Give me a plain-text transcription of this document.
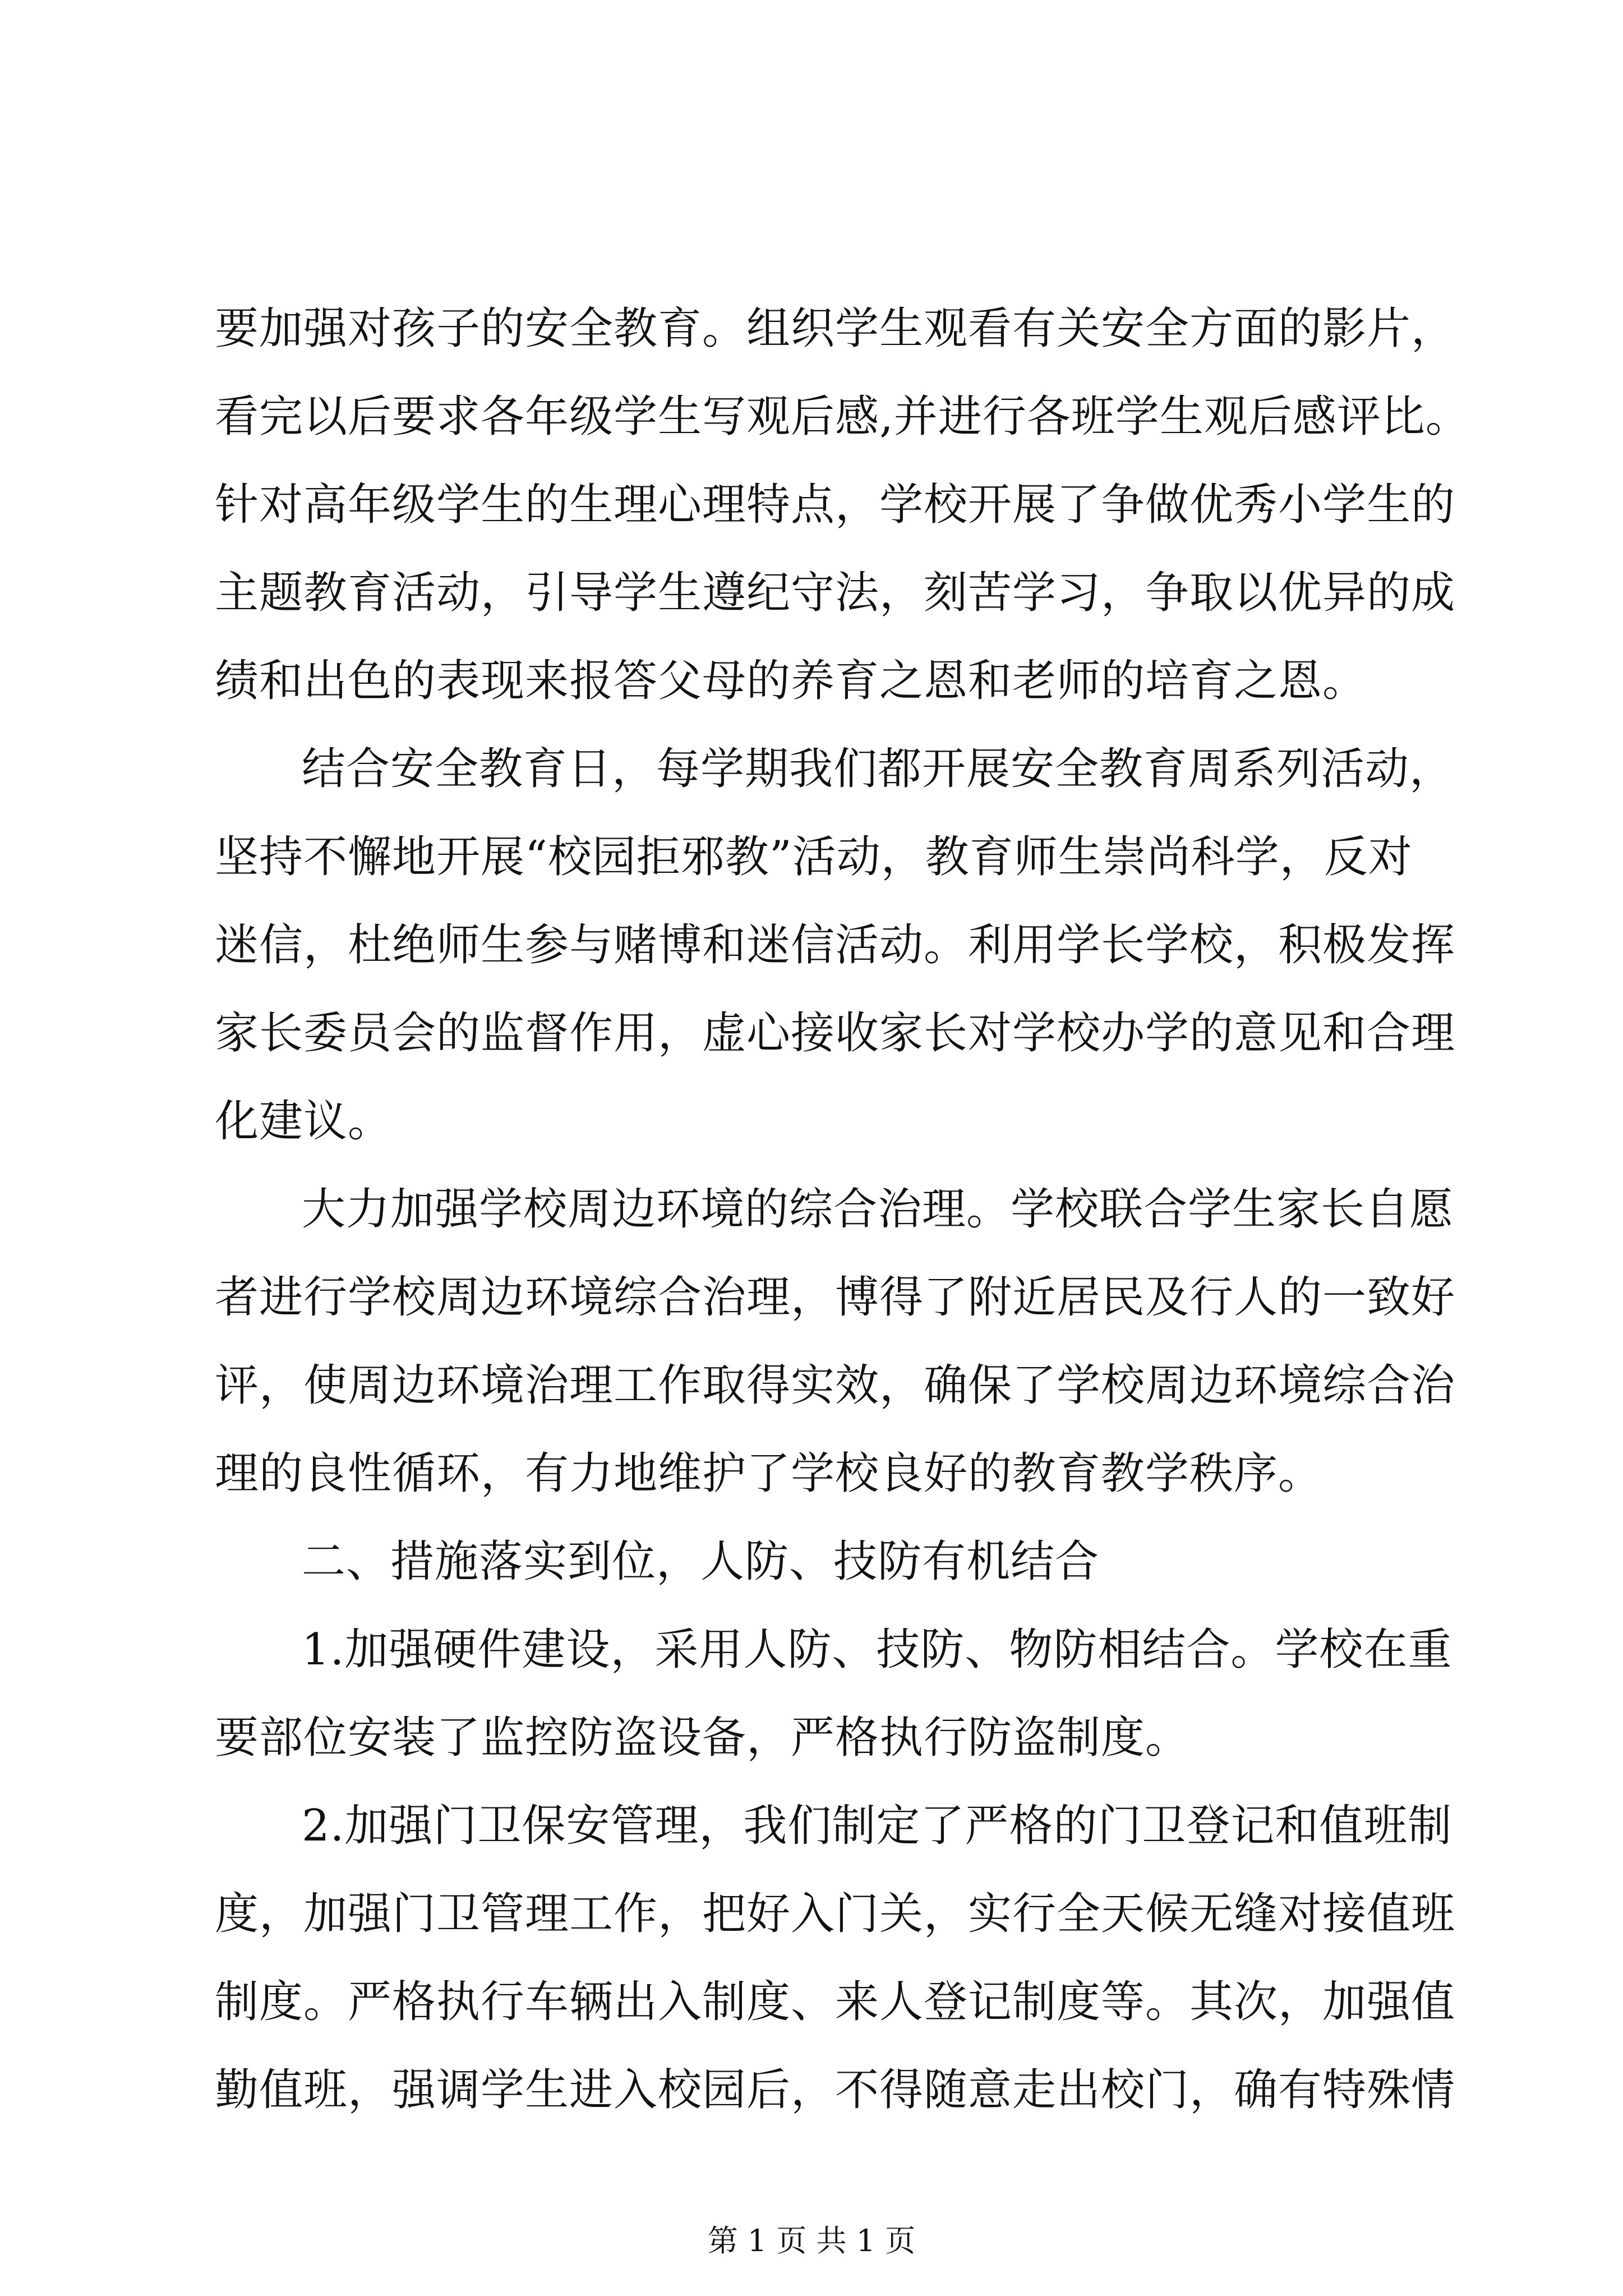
要加强对孩子的安全教育。组织学生观看有关安全方面的影片，
看完以后要求各年级学生写观后感,并进行各班学生观后感评比。
针对高年级学生的生理心理特点，学校开展了争做优秀小学生的
主题教育活动，引导学生遵纪守法，刻苦学习，争取以优异的成
绩和出色的表现来报答父母的养育之恩和老师的培育之恩。
结合安全教育日，每学期我们都开展安全教育周系列活动，
坚持不懈地开展“校园拒邪教”活动，教育师生崇尚科学，反对
迷信，杜绝师生参与赌博和迷信活动。利用学长学校，积极发挥
家长委员会的监督作用，虚心接收家长对学校办学的意见和合理
化建议。
大力加强学校周边环境的综合治理。学校联合学生家长自愿
者进行学校周边环境综合治理，博得了附近居民及行人的一致好
评，使周边环境治理工作取得实效，确保了学校周边环境综合治
理的良性循环，有力地维护了学校良好的教育教学秩序。
二、措施落实到位，人防、技防有机结合
1.加强硬件建设，采用人防、技防、物防相结合。学校在重
要部位安装了监控防盗设备，严格执行防盗制度。
2.加强门卫保安管理，我们制定了严格的门卫登记和值班制
度，加强门卫管理工作，把好入门关，实行全天候无缝对接值班
制度。严格执行车辆出入制度、来人登记制度等。其次，加强值
勤值班，强调学生进入校园后，不得随意走出校门，确有特殊情
第 1 页 共 1 页
